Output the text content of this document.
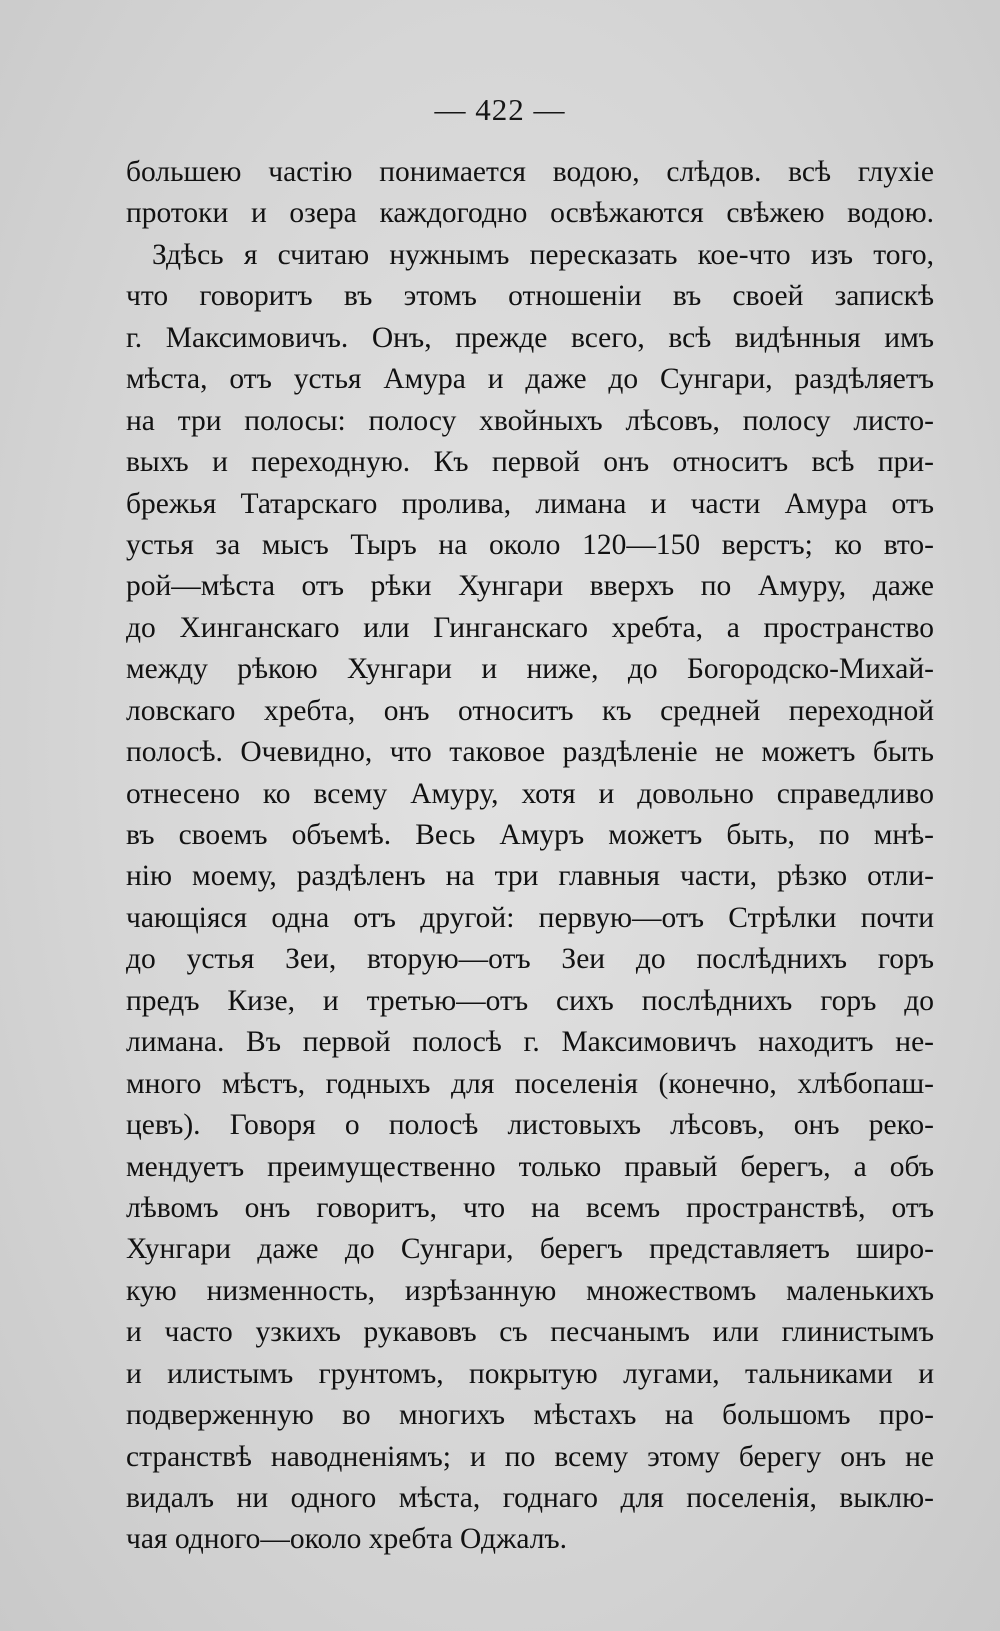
— 422 —
большею частію понимается водою, слѣдов. всѣ глухіе
протоки и озера каждогодно освѣжаются свѣжею водою.
Здѣсь я считаю нужнымъ пересказать кое-что изъ того,
что говоритъ въ этомъ отношеніи въ своей запискѣ
г. Максимовичъ. Онъ, прежде всего, всѣ видѣнныя имъ
мѣста, отъ устья Амура и даже до Сунгари, раздѣляетъ
на три полосы: полосу хвойныхъ лѣсовъ, полосу листо-
выхъ и переходную. Къ первой онъ относитъ всѣ при-
брежья Татарскаго пролива, лимана и части Амура отъ
устья за мысъ Тыръ на около 120—150 верстъ; ко вто-
рой—мѣста отъ рѣки Хунгари вверхъ по Амуру, даже
до Хинганскаго или Гинганскаго хребта, а пространство
между рѣкою Хунгари и ниже, до Богородско-Михай-
ловскаго хребта, онъ относитъ къ средней переходной
полосѣ. Очевидно, что таковое раздѣленіе не можетъ быть
отнесено ко всему Амуру, хотя и довольно справедливо
въ своемъ объемѣ. Весь Амуръ можетъ быть, по мнѣ-
нію моему, раздѣленъ на три главныя части, рѣзко отли-
чающіяся одна отъ другой: первую—отъ Стрѣлки почти
до устья Зеи, вторую—отъ Зеи до послѣднихъ горъ
предъ Кизе, и третью—отъ сихъ послѣднихъ горъ до
лимана. Въ первой полосѣ г. Максимовичъ находитъ не-
много мѣстъ, годныхъ для поселенія (конечно, хлѣбопаш-
цевъ). Говоря о полосѣ листовыхъ лѣсовъ, онъ реко-
мендуетъ преимущественно только правый берегъ, а объ
лѣвомъ онъ говоритъ, что на всемъ пространствѣ, отъ
Хунгари даже до Сунгари, берегъ представляетъ широ-
кую низменность, изрѣзанную множествомъ маленькихъ
и часто узкихъ рукавовъ съ песчанымъ или глинистымъ
и илистымъ грунтомъ, покрытую лугами, тальниками и
подверженную во многихъ мѣстахъ на большомъ про-
странствѣ наводненіямъ; и по всему этому берегу онъ не
видалъ ни одного мѣста, годнаго для поселенія, выклю-
чая одного—около хребта Оджалъ.
